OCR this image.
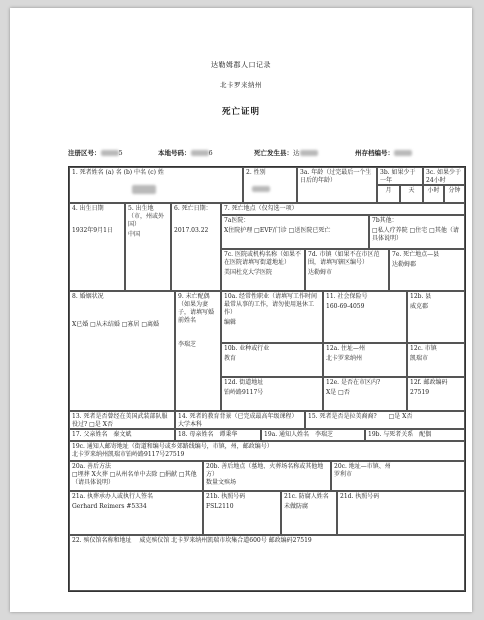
达勒姆郡人口记录
北卡罗来纳州
死亡证明
注册区号：	5	本地号码：	6	死亡发生县：达	州存档编号：
1. 死者姓名 (a) 名 (b) 中名 (c) 姓	2. 性别	3a. 年龄（过完最后一个生日后的年龄）
3b. 如果少于一年
月	天
3c. 如果少于24小时
小时	分钟
4. 出生日期
1932年9月1日
5. 出生地（市，州或外国）
中国
6. 死亡日期：
2017.03.22
7. 死亡地点（仅勾选一项）
7a医院：
X住院护理 □EVF/门诊 □送医院已死亡
7b其他：
□私人疗养院 □住宅 □其他（请具体说明）
7c. 医院或机构名称（如果不在医院请填写街道地址）
美国杜克大学医院
7d. 市镇（如果不在市区范围，请填写辖区编号）
达勒姆市
7e. 死亡地点—县
达勒姆郡
8. 婚姻状况
X已婚 □从未结婚 □寡居 □离婚
9. 未亡配偶（如果为妻子，请填写婚前姓名
李瑞芝
10a. 经常性职业（请填写工作时间最常从事的工作，请勿使用退休工作）
编辑
11. 社会保险号
160-69-4059
12b. 县
威克郡
10b. 业种或行业
教育
12a. 住址—州
北卡罗来纳州
12c. 市镇
凯瑞市
12d. 街道地址
铂岭路9117号
12e. 是否在市区内?
X是 □否
12f. 邮政编码
27519
13. 死者是否曾经在美国武装部队服役过? □是 X否
14. 死者的教育背景（已完成最高年级课程） 大学本科
15. 死者是否是拉美裔裔? □是 X否
17. 父亲姓名 秦文斌	18. 母亲姓名 谭秉华	19a. 通知人姓名 李瑞芝	19b. 与死者关系 配偶
19c. 通知人邮寄地址（街道和编号或乡郊路线编号，市镇，州，邮政编号）
北卡罗来纳州凯瑞市铂岭路9117号27519
20a. 善后方法
□埋葬 X火葬 □从州名单中去除 □捐献 □其他（请具体说明）
20b. 善后地点（墓地、火葬场名称或其他地方）
数量文殡场
20c. 地址—市镇、州
罗利市
21a. 执葬承办人或执行人签名
Gerhard Reimers #5334
21b. 执照号码
FSL2110
21c. 防腐人姓名
未做防腐
21d. 执照号码
22. 殡仪馆名称和地址 威克殡仪馆 北卡罗来纳州凯瑞市坎集合道600号 邮政编码27519
